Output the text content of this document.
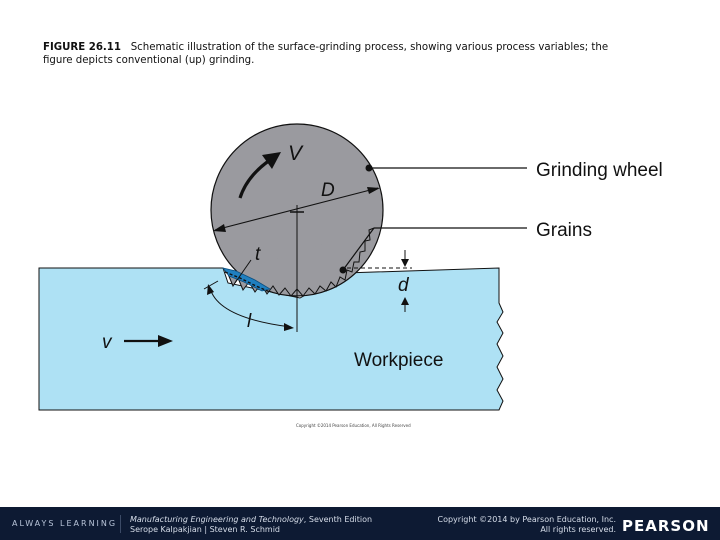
FIGURE 26.11 Schematic illustration of the surface-grinding process, showing various process variables; the
figure depicts conventional (up) grinding.
V
D
t
d
l
v
Grinding wheel
Grains
Workpiece
Copyright ©2014 Pearson Education, All Rights Reserved
ALWAYS LEARNING Manufacturing Engineering and Technology, Seventh Edition
Serope Kalpakjian | Steven R. Schmid
Copyright ©2014 by Pearson Education, Inc.
All rights reserved. PEARSON
